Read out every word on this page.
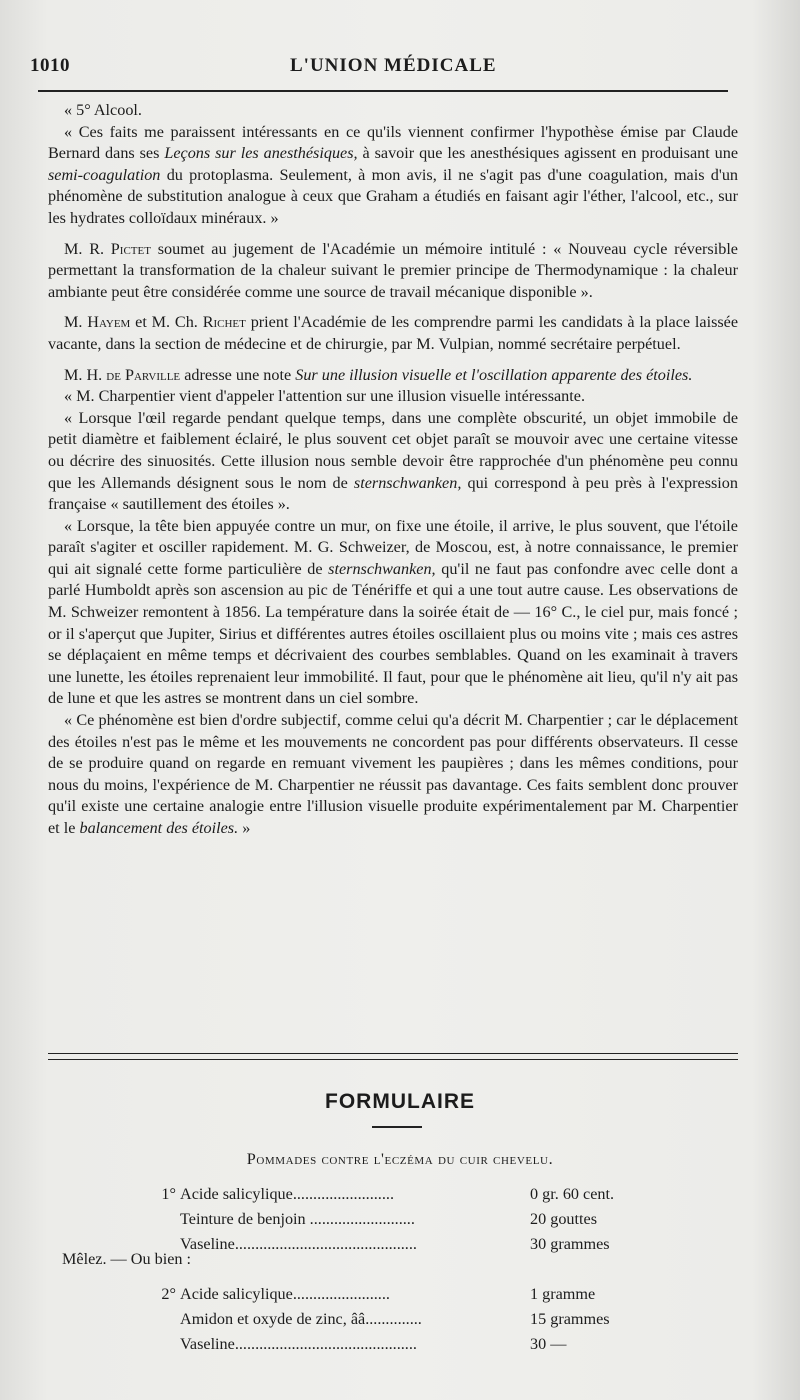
1010	L'UNION MÉDICALE

« 5° Alcool.

« Ces faits me paraissent intéressants en ce qu'ils viennent confirmer l'hypothèse émise par Claude Bernard dans ses Leçons sur les anesthésiques, à savoir que les anesthésiques agissent en produisant une semi-coagulation du protoplasma. Seulement, à mon avis, il ne s'agit pas d'une coagulation, mais d'un phénomène de substitution analogue à ceux que Graham a étudiés en faisant agir l'éther, l'alcool, etc., sur les hydrates colloïdaux minéraux. »

M. R. Pictet soumet au jugement de l'Académie un mémoire intitulé : « Nouveau cycle réversible permettant la transformation de la chaleur suivant le premier principe de Thermodynamique : la chaleur ambiante peut être considérée comme une source de travail mécanique disponible ».

M. Hayem et M. Ch. Richet prient l'Académie de les comprendre parmi les candidats à la place laissée vacante, dans la section de médecine et de chirurgie, par M. Vulpian, nommé secrétaire perpétuel.

M. H. de Parville adresse une note Sur une illusion visuelle et l'oscillation apparente des étoiles.

« M. Charpentier vient d'appeler l'attention sur une illusion visuelle intéressante.

« Lorsque l'œil regarde pendant quelque temps, dans une complète obscurité, un objet immobile de petit diamètre et faiblement éclairé, le plus souvent cet objet paraît se mouvoir avec une certaine vitesse ou décrire des sinuosités. Cette illusion nous semble devoir être rapprochée d'un phénomène peu connu que les Allemands désignent sous le nom de sternschwanken, qui correspond à peu près à l'expression française « sautillement des étoiles ».

« Lorsque, la tête bien appuyée contre un mur, on fixe une étoile, il arrive, le plus souvent, que l'étoile paraît s'agiter et osciller rapidement. M. G. Schweizer, de Moscou, est, à notre connaissance, le premier qui ait signalé cette forme particulière de sternschwanken, qu'il ne faut pas confondre avec celle dont a parlé Humboldt après son ascension au pic de Ténériffe et qui a une tout autre cause. Les observations de M. Schweizer remontent à 1856. La température dans la soirée était de — 16° C., le ciel pur, mais foncé ; or il s'aperçut que Jupiter, Sirius et différentes autres étoiles oscillaient plus ou moins vite ; mais ces astres se déplaçaient en même temps et décrivaient des courbes semblables. Quand on les examinait à travers une lunette, les étoiles reprenaient leur immobilité. Il faut, pour que le phénomène ait lieu, qu'il n'y ait pas de lune et que les astres se montrent dans un ciel sombre.

« Ce phénomène est bien d'ordre subjectif, comme celui qu'a décrit M. Charpentier ; car le déplacement des étoiles n'est pas le même et les mouvements ne concordent pas pour différents observateurs. Il cesse de se produire quand on regarde en remuant vivement les paupières ; dans les mêmes conditions, pour nous du moins, l'expérience de M. Charpentier ne réussit pas davantage. Ces faits semblent donc prouver qu'il existe une certaine analogie entre l'illusion visuelle produite expérimentalement par M. Charpentier et le balancement des étoiles. »

FORMULAIRE
Pommades contre l'eczéma du cuir chevelu.
1° Acide salicylique.........................	0 gr. 60 cent.
Teinture de benjoin ..........................	20 gouttes
Vaseline.............................................	30 grammes
Mêlez. — Ou bien :
2° Acide salicylique........................	1 gramme
Amidon et oxyde de zinc, ââ..............	15 grammes
Vaseline.............................................	30 —
